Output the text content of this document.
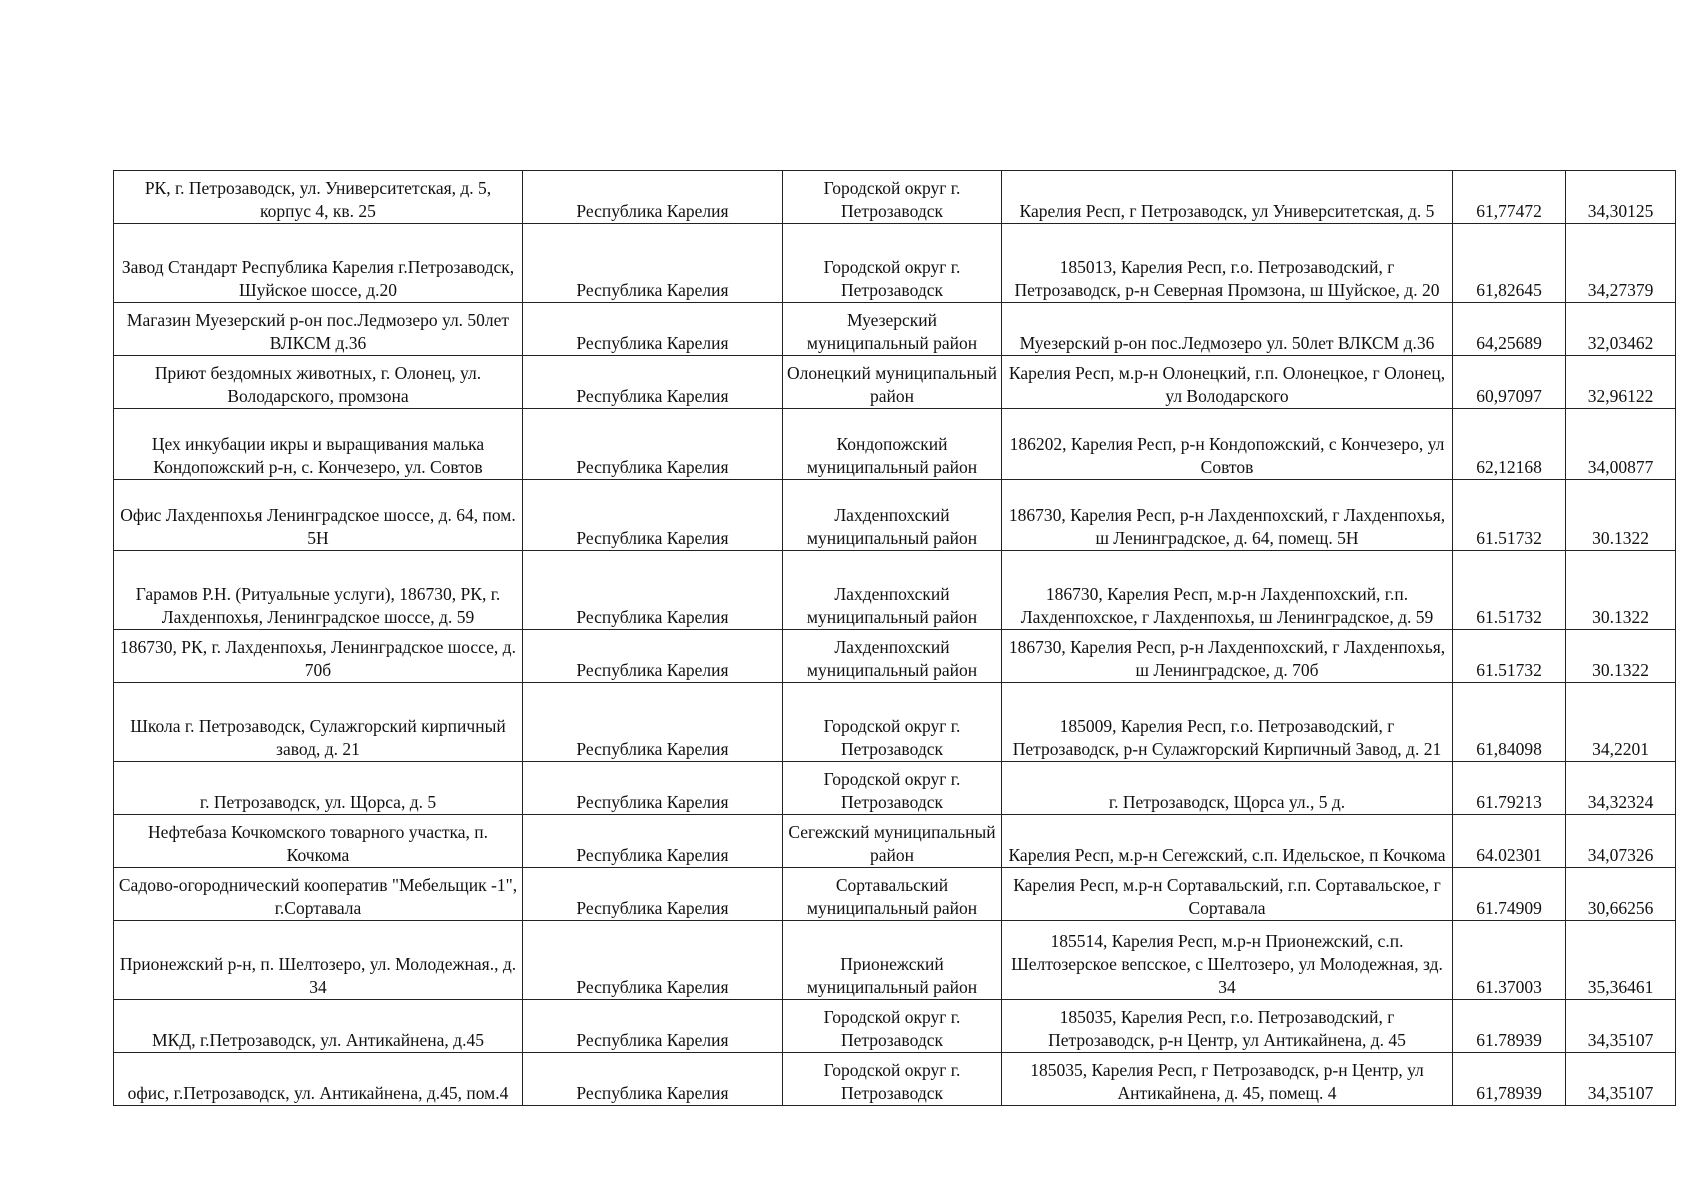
РК, г. Петрозаводск, ул. Университетская, д. 5, корпус 4, кв. 25	Республика Карелия	Городской округ г. Петрозаводск	Карелия Респ, г Петрозаводск, ул Университетская, д. 5	61,77472	34,30125
Завод Стандарт Республика Карелия г.Петрозаводск, Шуйское шоссе, д.20	Республика Карелия	Городской округ г. Петрозаводск	185013, Карелия Респ, г.о. Петрозаводский, г Петрозаводск, р-н Северная Промзона, ш Шуйское, д. 20	61,82645	34,27379
Магазин Муезерский р-он пос.Ледмозеро ул. 50лет ВЛКСМ д.36	Республика Карелия	Муезерский муниципальный район	Муезерский р-он пос.Ледмозеро ул. 50лет ВЛКСМ д.36	64,25689	32,03462
Приют бездомных животных, г. Олонец, ул. Володарского, промзона	Республика Карелия	Олонецкий муниципальный район	Карелия Респ, м.р-н Олонецкий, г.п. Олонецкое, г Олонец, ул Володарского	60,97097	32,96122
Цех инкубации икры и выращивания малька Кондопожский р-н, с. Кончезеро, ул. Совтов	Республика Карелия	Кондопожский муниципальный район	186202, Карелия Респ, р-н Кондопожский, с Кончезеро, ул Совтов	62,12168	34,00877
Офис Лахденпохья Ленинградское шоссе, д. 64, пом. 5Н	Республика Карелия	Лахденпохский муниципальный район	186730, Карелия Респ, р-н Лахденпохский, г Лахденпохья, ш Ленинградское, д. 64, помещ. 5Н	61.51732	30.1322
Гарамов Р.Н. (Ритуальные услуги), 186730, РК, г. Лахденпохья, Ленинградское шоссе, д. 59	Республика Карелия	Лахденпохский муниципальный район	186730, Карелия Респ, м.р-н Лахденпохский, г.п. Лахденпохское, г Лахденпохья, ш Ленинградское, д. 59	61.51732	30.1322
186730, РК, г. Лахденпохья, Ленинградское шоссе, д. 70б	Республика Карелия	Лахденпохский муниципальный район	186730, Карелия Респ, р-н Лахденпохский, г Лахденпохья, ш Ленинградское, д. 70б	61.51732	30.1322
Школа г. Петрозаводск, Сулажгорский кирпичный завод, д. 21	Республика Карелия	Городской округ г. Петрозаводск	185009, Карелия Респ, г.о. Петрозаводский, г Петрозаводск, р-н Сулажгорский Кирпичный Завод, д. 21	61,84098	34,2201
г. Петрозаводск, ул. Щорса, д. 5	Республика Карелия	Городской округ г. Петрозаводск	г. Петрозаводск, Щорса ул., 5 д.	61.79213	34,32324
Нефтебаза Кочкомского товарного участка, п. Кочкома	Республика Карелия	Сегежский муниципальный район	Карелия Респ, м.р-н Сегежский, с.п. Идельское, п Кочкома	64.02301	34,07326
Садово-огороднический кооператив "Мебельщик -1", г.Сортавала	Республика Карелия	Сортавальский муниципальный район	Карелия Респ, м.р-н Сортавальский, г.п. Сортавальское, г Сортавала	61.74909	30,66256
Прионежский р-н, п. Шелтозеро, ул. Молодежная., д. 34	Республика Карелия	Прионежский муниципальный район	185514, Карелия Респ, м.р-н Прионежский, с.п. Шелтозерское вепсское, с Шелтозеро, ул Молодежная, зд. 34	61.37003	35,36461
МКД, г.Петрозаводск, ул. Антикайнена, д.45	Республика Карелия	Городской округ г. Петрозаводск	185035, Карелия Респ, г.о. Петрозаводский, г Петрозаводск, р-н Центр, ул Антикайнена, д. 45	61.78939	34,35107
офис, г.Петрозаводск, ул. Антикайнена, д.45, пом.4	Республика Карелия	Городской округ г. Петрозаводск	185035, Карелия Респ, г Петрозаводск, р-н Центр, ул Антикайнена, д. 45, помещ. 4	61,78939	34,35107
